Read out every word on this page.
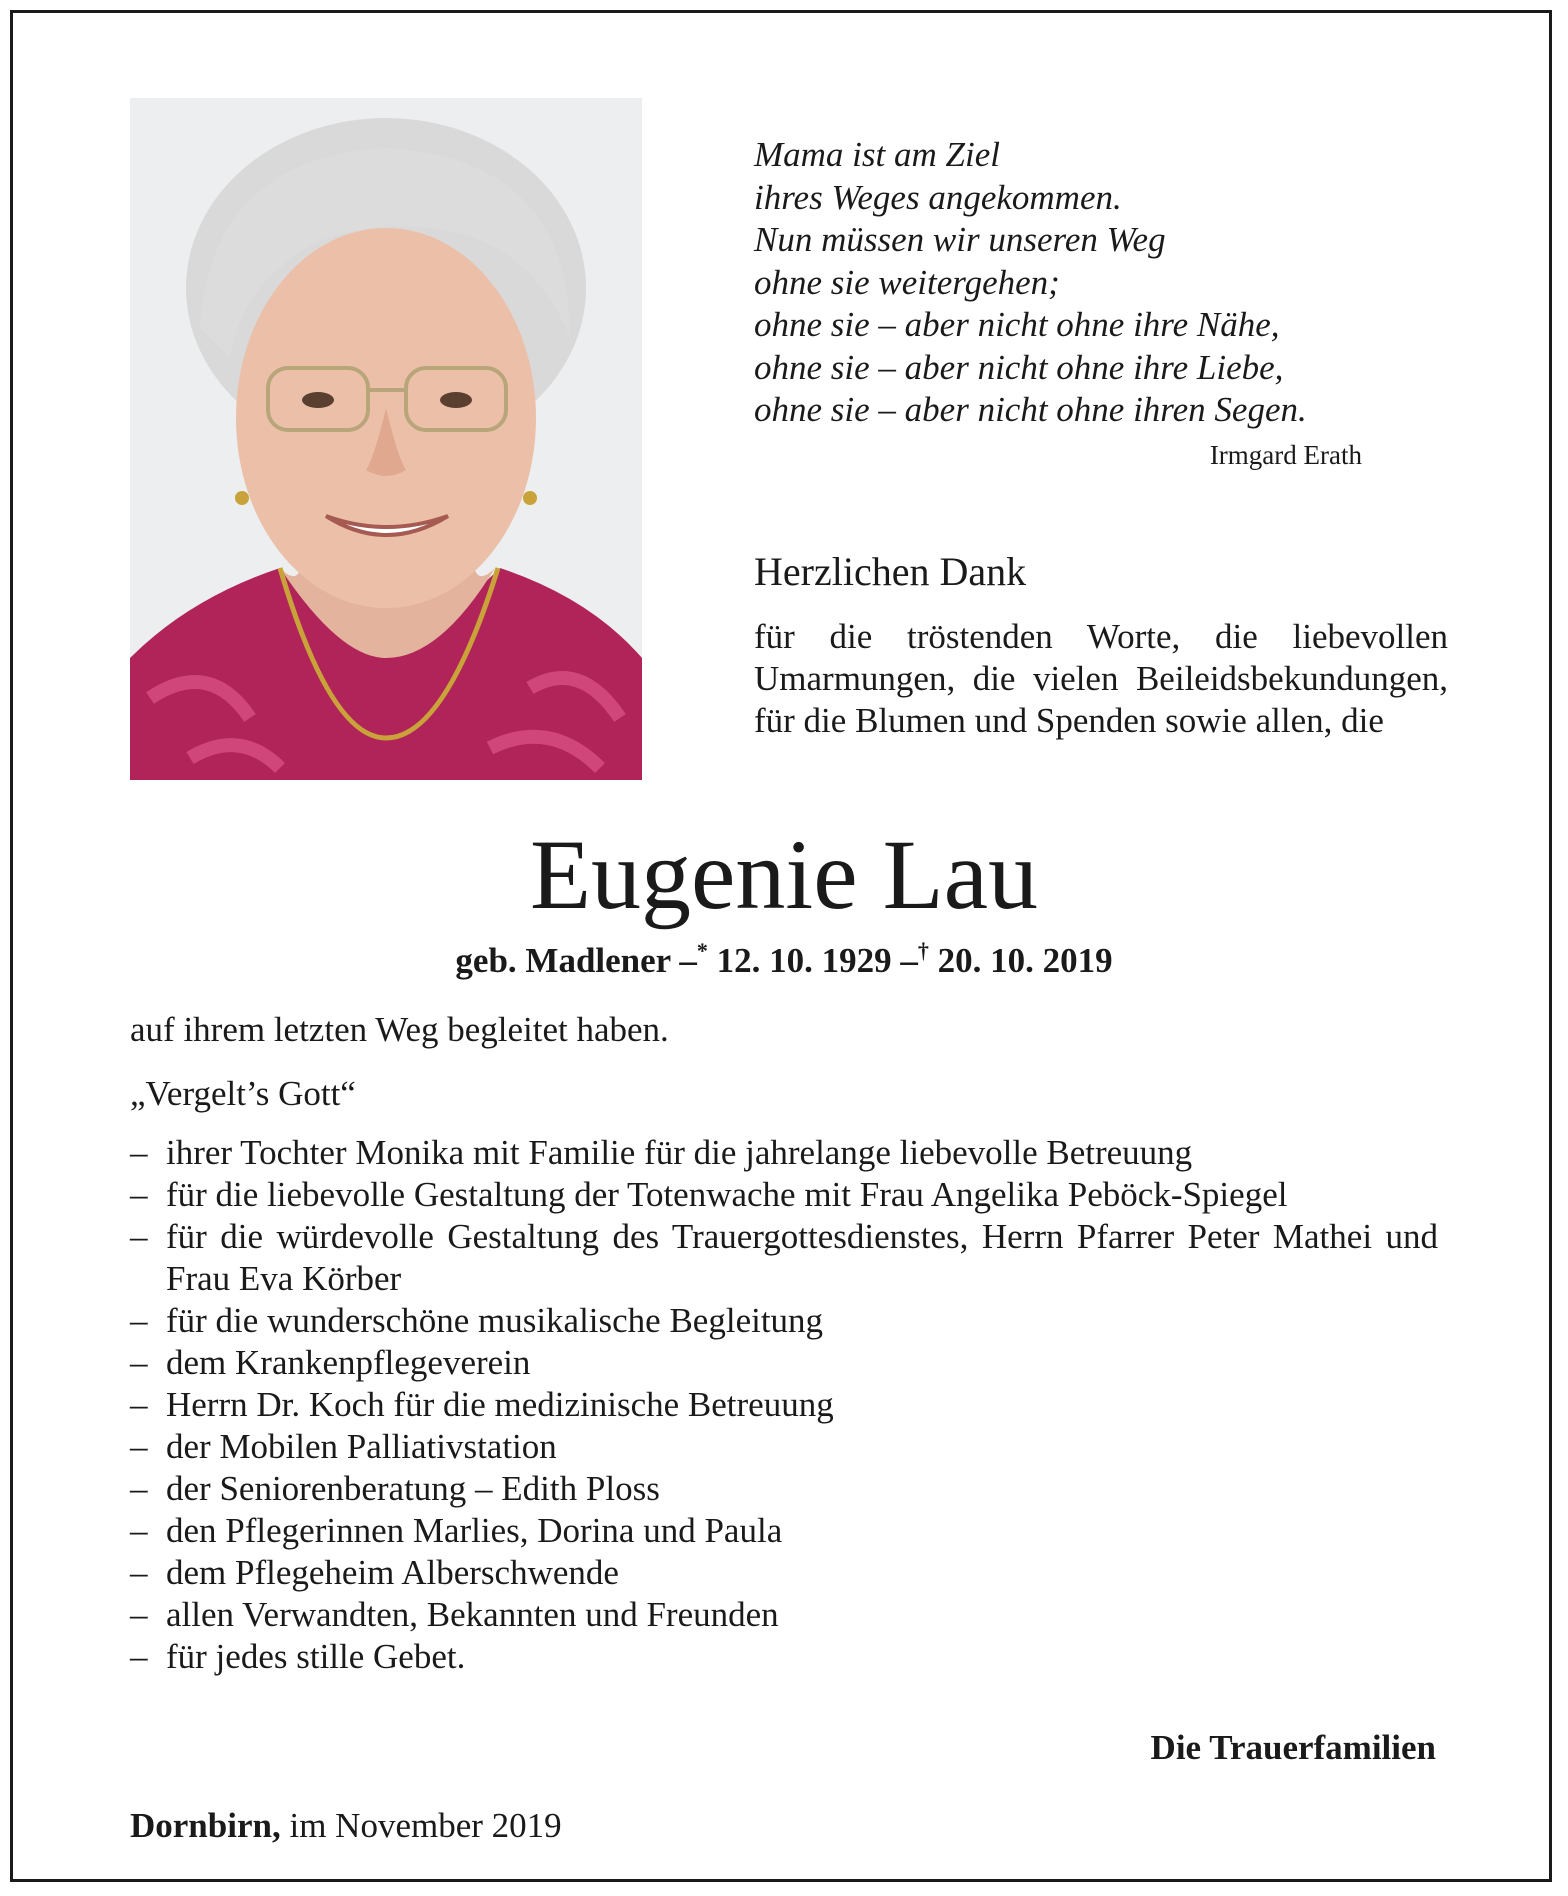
Mama ist am Ziel
ihres Weges angekommen.
Nun müssen wir unseren Weg
ohne sie weitergehen;
ohne sie – aber nicht ohne ihre Nähe,
ohne sie – aber nicht ohne ihre Liebe,
ohne sie – aber nicht ohne ihren Segen.
Irmgard Erath
Herzlichen Dank
für die tröstenden Worte, die liebevollen Umarmungen, die vielen Beileidsbekundungen, für die Blumen und Spenden sowie allen, die
Eugenie Lau
geb. Madlener –* 12. 10. 1929 –† 20. 10. 2019
auf ihrem letzten Weg begleitet haben.
„Vergelt’s Gott“
– ihrer Tochter Monika mit Familie für die jahrelange liebevolle Betreuung
– für die liebevolle Gestaltung der Totenwache mit Frau Angelika Peböck-Spiegel
– für die würdevolle Gestaltung des Trauergottesdienstes, Herrn Pfarrer Peter Mathei und Frau Eva Körber
– für die wunderschöne musikalische Begleitung
– dem Krankenpflegeverein
– Herrn Dr. Koch für die medizinische Betreuung
– der Mobilen Palliativstation
– der Seniorenberatung – Edith Ploss
– den Pflegerinnen Marlies, Dorina und Paula
– dem Pflegeheim Alberschwende
– allen Verwandten, Bekannten und Freunden
– für jedes stille Gebet.
Die Trauerfamilien
Dornbirn, im November 2019
